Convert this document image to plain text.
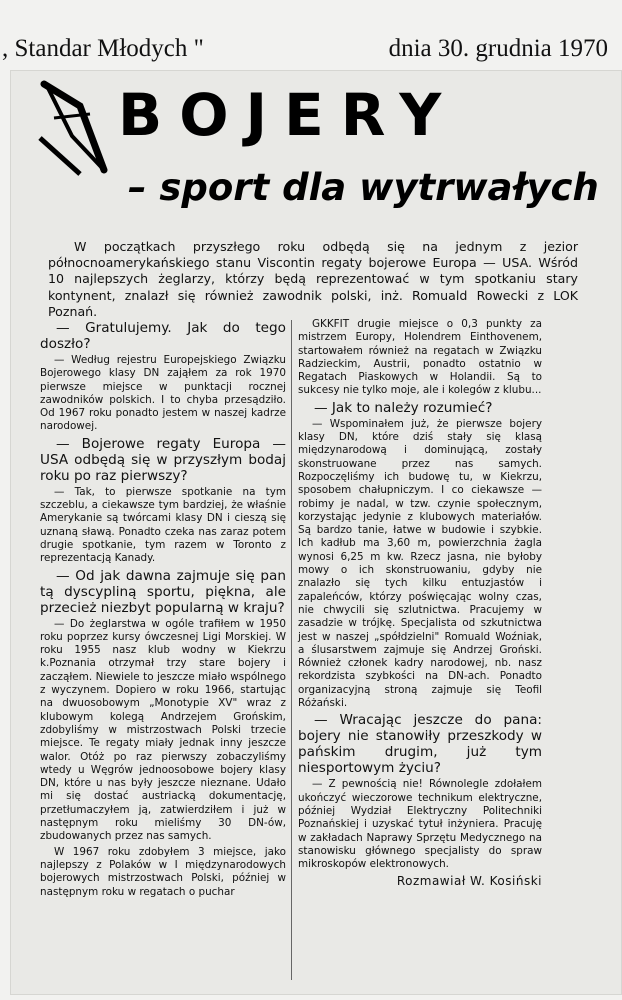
, Standar Młodych "	dnia 30. grudnia 1970
BOJERY
– sport dla wytrwałych

W początkach przyszłego roku odbędą się na jednym z jezior północnoamerykańskiego stanu Viscontin regaty bojerowe Europa — USA. Wśród 10 najlepszych żeglarzy, którzy będą reprezentować w tym spotkaniu stary kontynent, znalazł się również zawodnik polski, inż. Romuald Rowecki z LOK Poznań.

— Gratulujemy. Jak do tego doszło?

— Według rejestru Europejskiego Związku Bojerowego klasy DN zająłem za rok 1970 pierwsze miejsce w punktacji rocznej zawodników polskich. I to chyba przesądziło. Od 1967 roku ponadto jestem w naszej kadrze narodowej.

— Bojerowe regaty Europa — USA odbędą się w przyszłym bodaj roku po raz pierwszy?

— Tak, to pierwsze spotkanie na tym szczeblu, a ciekawsze tym bardziej, że właśnie Amerykanie są twórcami klasy DN i cieszą się uznaną sławą. Ponadto czeka nas zaraz potem drugie spotkanie, tym razem w Toronto z reprezentacją Kanady.

— Od jak dawna zajmuje się pan tą dyscypliną sportu, piękna, ale przecież niezbyt popularną w kraju?

— Do żeglarstwa w ogóle trafiłem w 1950 roku poprzez kursy ówczesnej Ligi Morskiej. W roku 1955 nasz klub wodny w Kiekrzu k.Poznania otrzymał trzy stare bojery i zacząłem. Niewiele to jeszcze miało wspólnego z wyczynem. Dopiero w roku 1966, startując na dwuosobowym „Monotypie XV" wraz z klubowym kolegą Andrzejem Grońskim, zdobyliśmy w mistrzostwach Polski trzecie miejsce. Te regaty miały jednak inny jeszcze walor. Otóż po raz pierwszy zobaczyliśmy wtedy u Węgrów jednoosobowe bojery klasy DN, które u nas były jeszcze nieznane. Udało mi się dostać austriacką dokumentację, przetłumaczyłem ją, zatwierdziłem i już w następnym roku mieliśmy 30 DN-ów, zbudowanych przez nas samych.

W 1967 roku zdobyłem 3 miejsce, jako najlepszy z Polaków w I międzynarodowych bojerowych mistrzostwach Polski, później w następnym roku w regatach o puchar

GKKFIT drugie miejsce o 0,3 punkty za mistrzem Europy, Holendrem Einthovenem, startowałem również na regatach w Związku Radzieckim, Austrii, ponadto ostatnio w Regatach Piaskowych w Holandii. Są to sukcesy nie tylko moje, ale i kolegów z klubu...

— Jak to należy rozumieć?

— Wspominałem już, że pierwsze bojery klasy DN, które dziś stały się klasą międzynarodową i dominującą, zostały skonstruowane przez nas samych. Rozpoczęliśmy ich budowę tu, w Kiekrzu, sposobem chałupniczym. I co ciekawsze — robimy je nadal, w tzw. czynie społecznym, korzystając jedynie z klubowych materiałów. Są bardzo tanie, łatwe w budowie i szybkie. Ich kadłub ma 3,60 m, powierzchnia żagla wynosi 6,25 m kw. Rzecz jasna, nie byłoby mowy o ich skonstruowaniu, gdyby nie znalazło się tych kilku entuzjastów i zapaleńców, którzy poświęcając wolny czas, nie chwycili się szlutnictwa. Pracujemy w zasadzie w trójkę. Specjalista od szkutnictwa jest w naszej „spółdzielni" Romuald Woźniak, a ślusarstwem zajmuje się Andrzej Groński. Również członek kadry narodowej, nb. nasz rekordzista szybkości na DN-ach. Ponadto organizacyjną stroną zajmuje się Teofil Różański.

— Wracając jeszcze do pana: bojery nie stanowiły przeszkody w pańskim drugim, już tym niesportowym życiu?

— Z pewnością nie! Równolegle zdołałem ukończyć wieczorowe technikum elektryczne, później Wydział Elektryczny Politechniki Poznańskiej i uzyskać tytuł inżyniera. Pracuję w zakładach Naprawy Sprzętu Medycznego na stanowisku głównego specjalisty do spraw mikroskopów elektronowych.

Rozmawiał W. Kosiński
